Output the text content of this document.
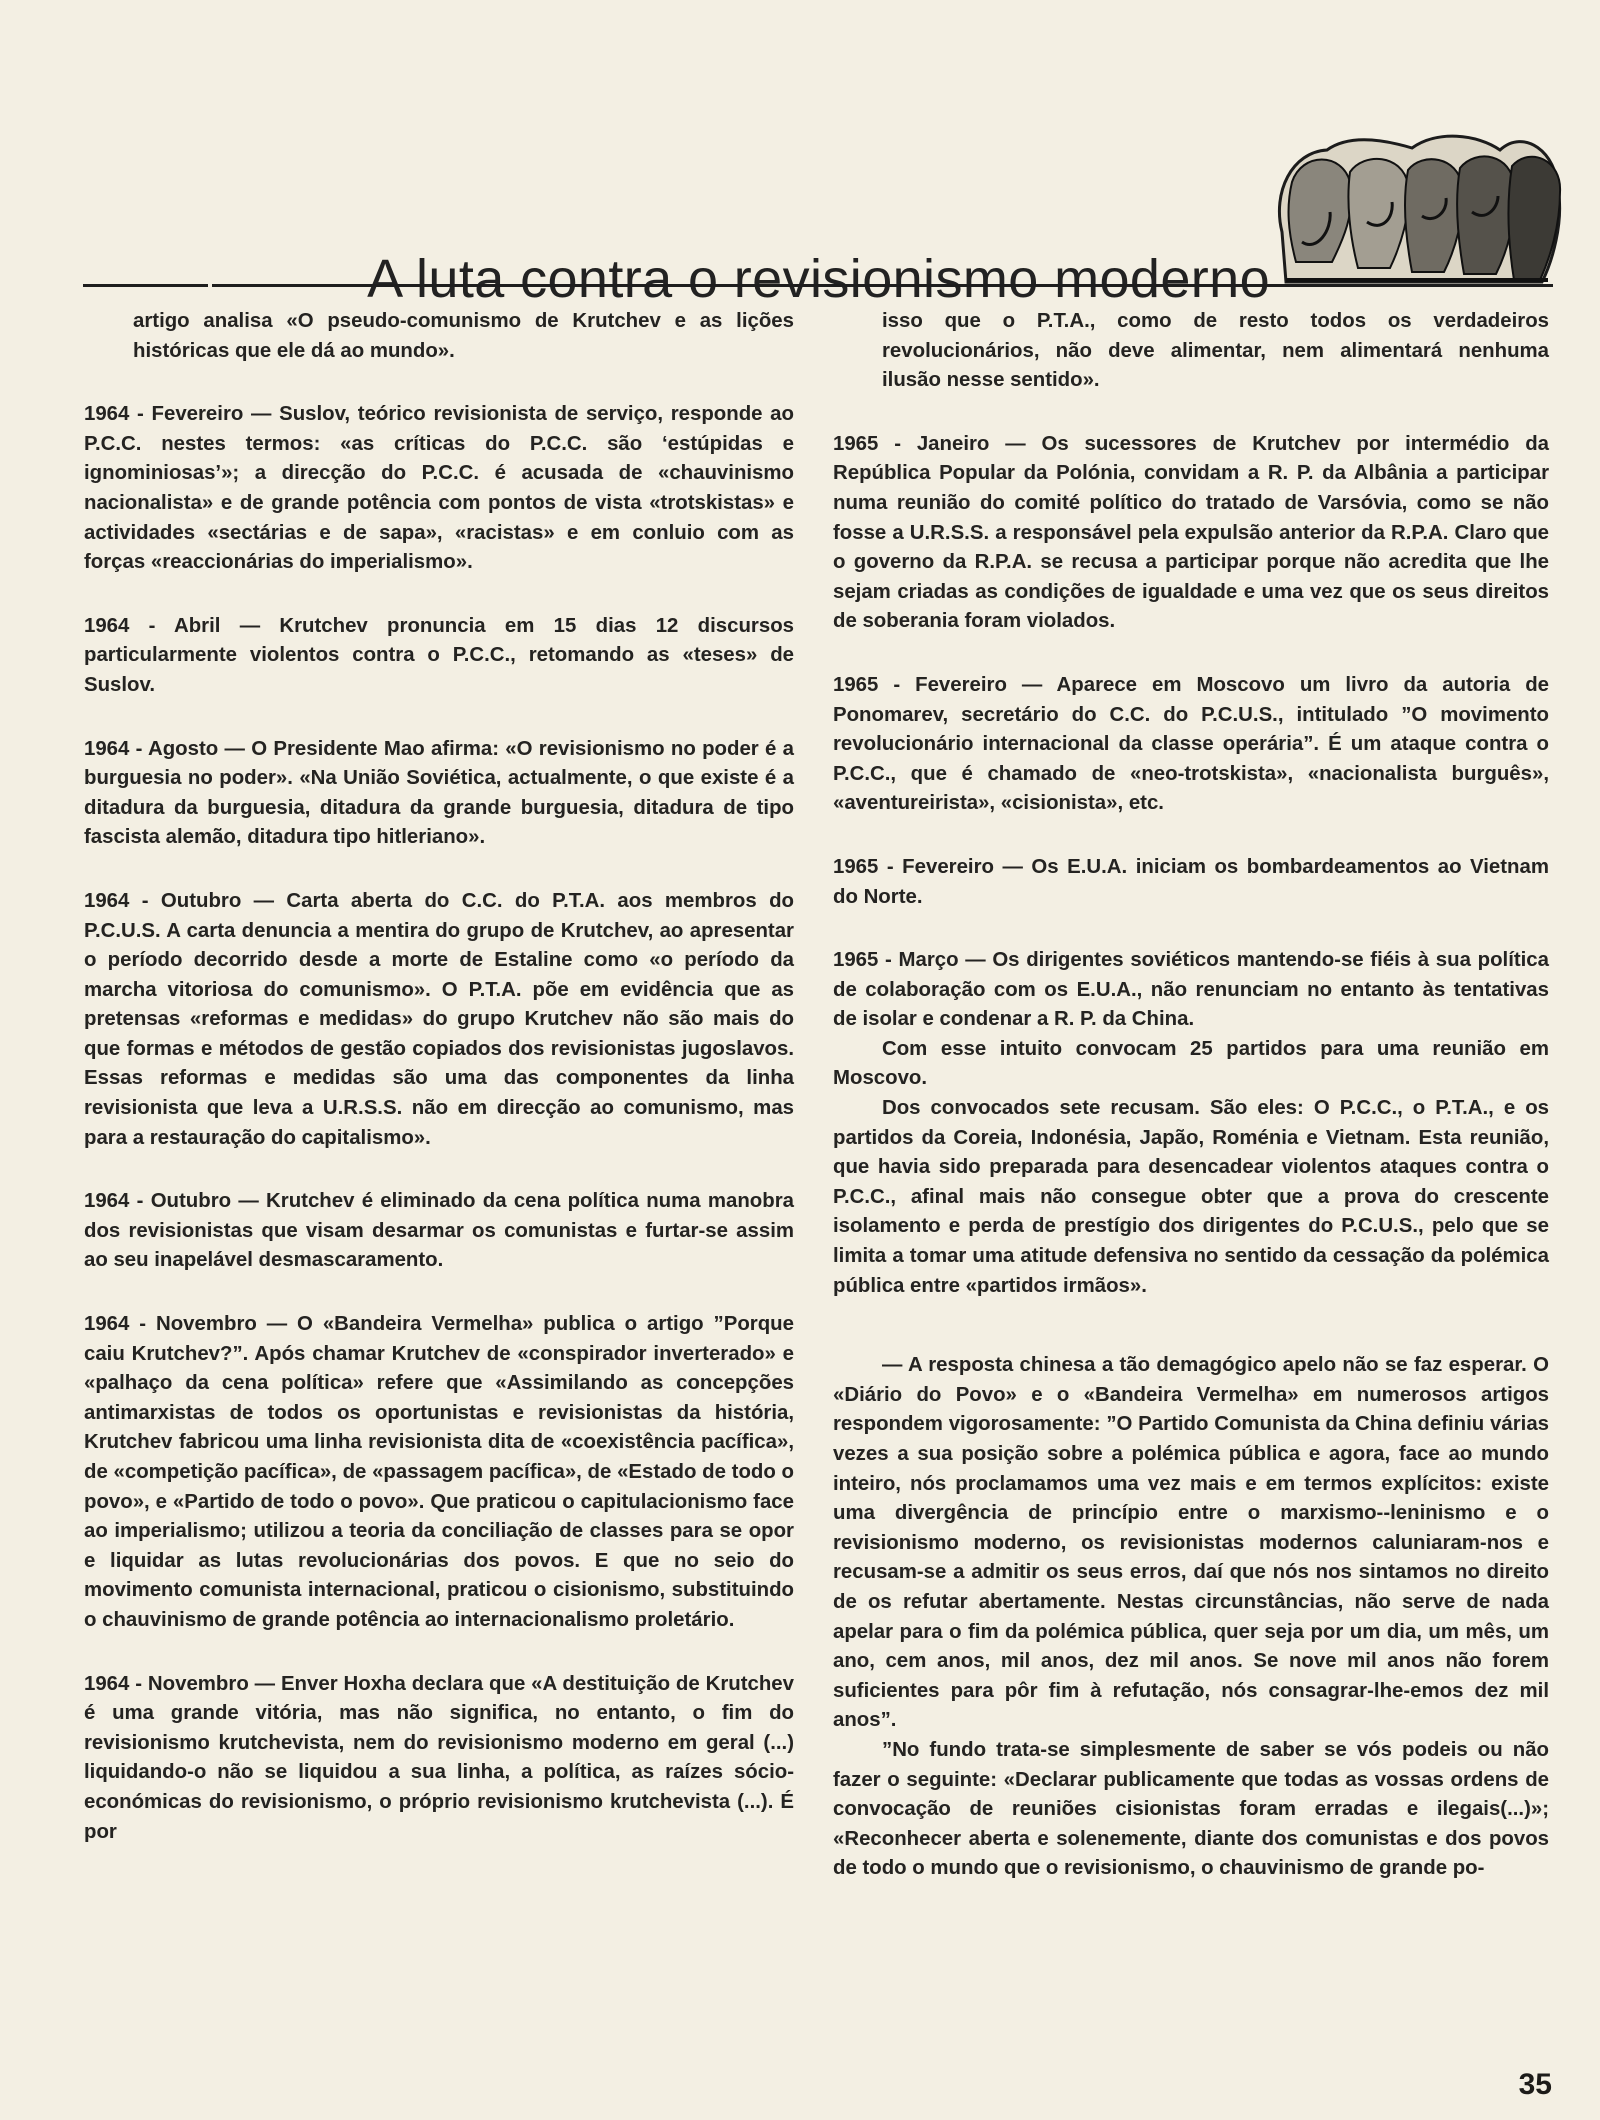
A luta contra o revisionismo moderno

artigo analisa «O pseudo-comunismo de Krutchev e as lições históricas que ele dá ao mundo».

1964 - Fevereiro — Suslov, teórico revisionista de serviço, responde ao P.C.C. nestes termos: «as críticas do P.C.C. são ‘estúpidas e ignominiosas’»; a direcção do P.C.C. é acusada de «chauvinismo nacionalista» e de grande potência com pontos de vista «trotskistas» e actividades «sectárias e de sapa», «racistas» e em conluio com as forças «reaccionárias do imperialismo».

1964 - Abril — Krutchev pronuncia em 15 dias 12 discursos particularmente violentos contra o P.C.C., retomando as «teses» de Suslov.

1964 - Agosto — O Presidente Mao afirma: «O revisionismo no poder é a burguesia no poder». «Na União Soviética, actualmente, o que existe é a ditadura da burguesia, ditadura da grande burguesia, ditadura de tipo fascista alemão, ditadura tipo hitleriano».

1964 - Outubro — Carta aberta do C.C. do P.T.A. aos membros do P.C.U.S. A carta denuncia a mentira do grupo de Krutchev, ao apresentar o período decorrido desde a morte de Estaline como «o período da marcha vitoriosa do comunismo». O P.T.A. põe em evidência que as pretensas «reformas e medidas» do grupo Krutchev não são mais do que formas e métodos de gestão copiados dos revisionistas jugoslavos. Essas reformas e medidas são uma das componentes da linha revisionista que leva a U.R.S.S. não em direcção ao comunismo, mas para a restauração do capitalismo».

1964 - Outubro — Krutchev é eliminado da cena política numa manobra dos revisionistas que visam desarmar os comunistas e furtar-se assim ao seu inapelável desmascaramento.

1964 - Novembro — O «Bandeira Vermelha» publica o artigo ”Porque caiu Krutchev?”. Após chamar Krutchev de «conspirador inverterado» e «palhaço da cena política» refere que «Assimilando as concepções antimarxistas de todos os oportunistas e revisionistas da história, Krutchev fabricou uma linha revisionista dita de «coexistência pacífica», de «competição pacífica», de «passagem pacífica», de «Estado de todo o povo», e «Partido de todo o povo». Que praticou o capitulacionismo face ao imperialismo; utilizou a teoria da conciliação de classes para se opor e liquidar as lutas revolucionárias dos povos. E que no seio do movimento comunista internacional, praticou o cisionismo, substituindo o chauvinismo de grande potência ao internacionalismo proletário.

1964 - Novembro — Enver Hoxha declara que «A destituição de Krutchev é uma grande vitória, mas não significa, no entanto, o fim do revisionismo krutchevista, nem do revisionismo moderno em geral (...) liquidando-o não se liquidou a sua linha, a política, as raízes sócio-económicas do revisionismo, o próprio revisionismo krutchevista (...). É por

isso que o P.T.A., como de resto todos os verdadeiros revolucionários, não deve alimentar, nem alimentará nenhuma ilusão nesse sentido».

1965 - Janeiro — Os sucessores de Krutchev por intermédio da República Popular da Polónia, convidam a R. P. da Albânia a participar numa reunião do comité político do tratado de Varsóvia, como se não fosse a U.R.S.S. a responsável pela expulsão anterior da R.P.A. Claro que o governo da R.P.A. se recusa a participar porque não acredita que lhe sejam criadas as condições de igualdade e uma vez que os seus direitos de soberania foram violados.

1965 - Fevereiro — Aparece em Moscovo um livro da autoria de Ponomarev, secretário do C.C. do P.C.U.S., intitulado ”O movimento revolucionário internacional da classe operária”. É um ataque contra o P.C.C., que é chamado de «neo-trotskista», «nacionalista burguês», «aventureirista», «cisionista», etc.

1965 - Fevereiro — Os E.U.A. iniciam os bombardeamentos ao Vietnam do Norte.

1965 - Março — Os dirigentes soviéticos mantendo-se fiéis à sua política de colaboração com os E.U.A., não renunciam no entanto às tentativas de isolar e condenar a R. P. da China.

Com esse intuito convocam 25 partidos para uma reunião em Moscovo.

Dos convocados sete recusam. São eles: O P.C.C., o P.T.A., e os partidos da Coreia, Indonésia, Japão, Roménia e Vietnam. Esta reunião, que havia sido preparada para desencadear violentos ataques contra o P.C.C., afinal mais não consegue obter que a prova do crescente isolamento e perda de prestígio dos dirigentes do P.C.U.S., pelo que se limita a tomar uma atitude defensiva no sentido da cessação da polémica pública entre «partidos irmãos».

— A resposta chinesa a tão demagógico apelo não se faz esperar. O «Diário do Povo» e o «Bandeira Vermelha» em numerosos artigos respondem vigorosamente: ”O Partido Comunista da China definiu várias vezes a sua posição sobre a polémica pública e agora, face ao mundo inteiro, nós proclamamos uma vez mais e em termos explícitos: existe uma divergência de princípio entre o marxismo--leninismo e o revisionismo moderno, os revisionistas modernos caluniaram-nos e recusam-se a admitir os seus erros, daí que nós nos sintamos no direito de os refutar abertamente. Nestas circunstâncias, não serve de nada apelar para o fim da polémica pública, quer seja por um dia, um mês, um ano, cem anos, mil anos, dez mil anos. Se nove mil anos não forem suficientes para pôr fim à refutação, nós consagrar-lhe-emos dez mil anos”.

”No fundo trata-se simplesmente de saber se vós podeis ou não fazer o seguinte: «Declarar publicamente que todas as vossas ordens de convocação de reuniões cisionistas foram erradas e ilegais(...)»; «Reconhecer aberta e solenemente, diante dos comunistas e dos povos de todo o mundo que o revisionismo, o chauvinismo de grande po-

35
